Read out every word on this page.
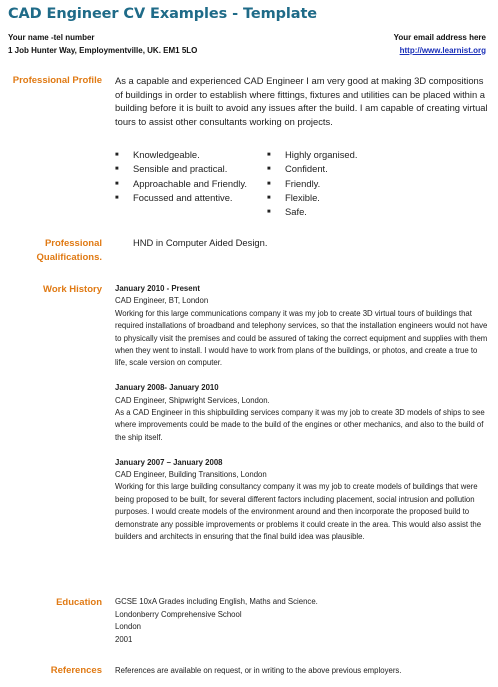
CAD Engineer CV Examples - Template
Your name -tel number
1 Job Hunter Way, Employmentville, UK. EM1 5LO
Your email address here
http://www.learnist.org
Professional Profile As a capable and experienced CAD Engineer I am very good at making 3D compositions of buildings in order to establish where fittings, fixtures and utilities can be placed within a building before it is built to avoid any issues after the build. I am capable of creating virtual tours to assist other consultants working on projects.
■ Knowledgeable.
■ Sensible and practical.
■ Approachable and Friendly.
■ Focussed and attentive.
■ Highly organised.
■ Confident.
■ Friendly.
■ Flexible.
■ Safe.
Professional Qualifications.
HND in Computer Aided Design.
Work History January 2010 - Present
CAD Engineer, BT, London
Working for this large communications company it was my job to create 3D virtual tours of buildings that required installations of broadband and telephony services, so that the installation engineers would not have to physically visit the premises and could be assured of taking the correct equipment and supplies with them when they went to install. I would have to work from plans of the buildings, or photos, and create a true to life, scale version on computer.
January 2008- January 2010
CAD Engineer, Shipwright Services, London.
As a CAD Engineer in this shipbuilding services company it was my job to create 3D models of ships to see where improvements could be made to the build of the engines or other mechanics, and also to the build of the ship itself.
January 2007 – January 2008
CAD Engineer, Building Transitions, London
Working for this large building consultancy company it was my job to create models of buildings that were being proposed to be built, for several different factors including placement, social intrusion and pollution purposes. I would create models of the environment around and then incorporate the proposed build to demonstrate any possible improvements or problems it could create in the area. This would also assist the builders and architects in ensuring that the final build idea was plausible.
Education GCSE 10xA Grades including English, Maths and Science.
Londonberry Comprehensive School
London
2001
References References are available on request, or in writing to the above previous employers.
